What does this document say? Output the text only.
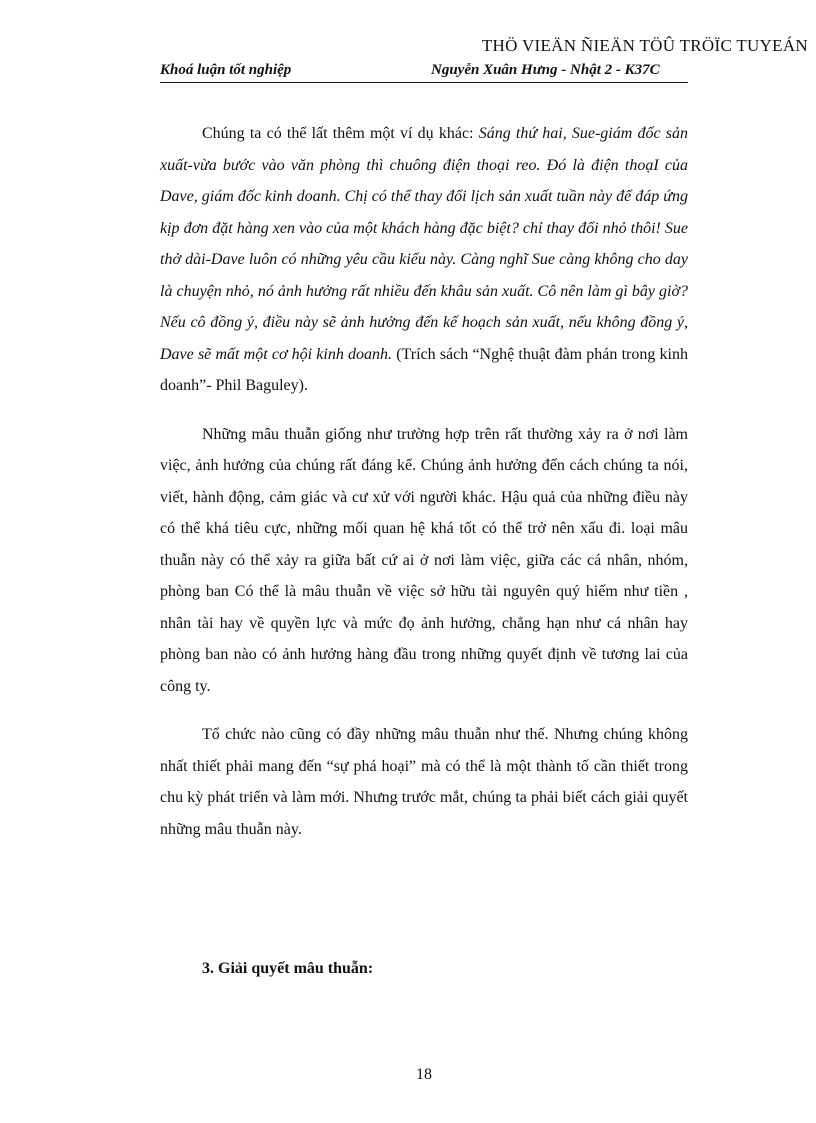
THÖ VIEÄN ÑIEÄN TÖÛ TRÖÏC TUYEÁN
Khoá luận tốt nghiệp	Nguyễn Xuân Hưng - Nhật 2 - K37C

Chúng ta có thể lất thêm một ví dụ khác: Sáng thứ hai, Sue-giám đốc sản xuất-vừa bước vào văn phòng thì chuông điện thoại reo. Đó là điện thoạI của Dave, giám đốc kinh doanh. Chị có thể thay đổi lịch sản xuất tuần này để đáp ứng kịp đơn đặt hàng xen vào của một khách hàng đặc biệt? chỉ thay đổi nhỏ thôi! Sue thở dài-Dave luôn có những yêu cầu kiểu này. Càng nghĩ Sue càng không cho day là chuyện nhỏ, nó ảnh hưởng rất nhiều đến khâu sản xuất. Cô nên làm gì bây giờ? Nếu cô đồng ý, điều này sẽ ảnh hưởng đến kế hoạch sản xuất, nếu không đồng ý, Dave sẽ mất một cơ hội kinh doanh. (Trích sách “Nghệ thuật đàm phán trong kinh doanh”- Phil Baguley).

Những mâu thuẫn giống như trường hợp trên rất thường xảy ra ở nơi làm việc, ảnh hưởng của chúng rất đáng kể. Chúng ảnh hưởng đến cách chúng ta nói, viết, hành động, cảm giác và cư xử với người khác. Hậu quả của những điều này có thể khá tiêu cực, những mối quan hệ khá tốt có thể trở nên xấu đi. loại mâu thuẫn này có thể xảy ra giữa bất cứ ai ở nơi làm việc, giữa các cá nhân, nhóm, phòng ban Có thể là mâu thuẫn về việc sở hữu tài nguyên quý hiếm như tiền , nhân tài hay về quyền lực và mức đọ ảnh hưởng, chẳng hạn như cá nhân hay phòng ban nào có ảnh hưởng hàng đầu trong những quyết định về tương lai của công ty.

Tổ chức nào cũng có đầy những mâu thuẫn như thế. Nhưng chúng không nhất thiết phải mang đến “sự phá hoại” mà có thể là một thành tố cần thiết trong chu kỳ phát triển và làm mới. Nhưng trước mắt, chúng ta phải biết cách giải quyết những mâu thuẫn này.

3. Giải quyết mâu thuẫn:
18
